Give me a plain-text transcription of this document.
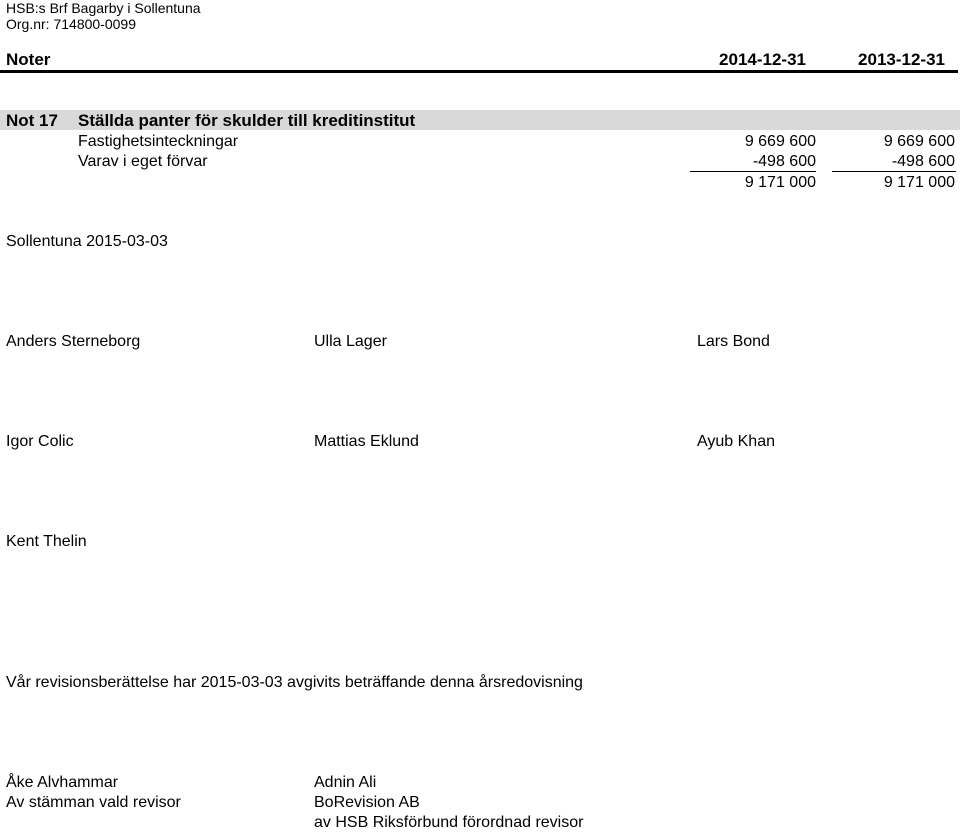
HSB:s Brf Bagarby i Sollentuna
Org.nr: 714800-0099
Noter	2014-12-31	2013-12-31
Not 17 Ställda panter för skulder till kreditinstitut
Fastighetsinteckningar	9 669 600	9 669 600
Varav i eget förvar	-498 600	-498 600
9 171 000	9 171 000
Sollentuna 2015-03-03
Anders Sterneborg	Ulla Lager	Lars Bond
Igor Colic	Mattias Eklund	Ayub Khan
Kent Thelin
Vår revisionsberättelse har 2015-03-03 avgivits beträffande denna årsredovisning
Åke Alvhammar
Av stämman vald revisor
Adnin Ali
BoRevision AB
av HSB Riksförbund förordnad revisor
